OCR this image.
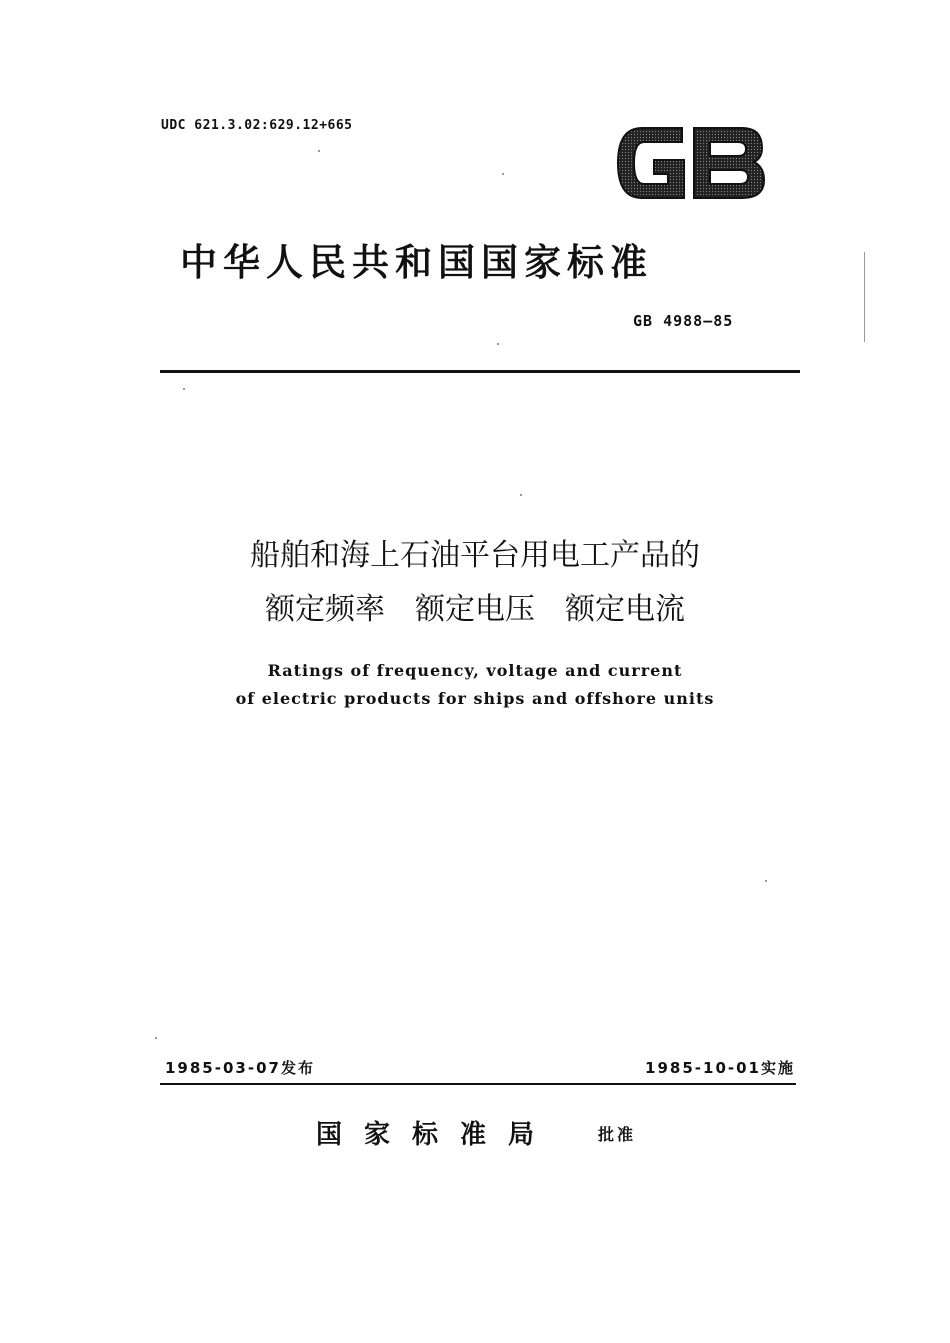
UDC 621.3.02:629.12+665
中华人民共和国国家标准
GB 4988—85
船舶和海上石油平台用电工产品的
额定频率　额定电压　额定电流
Ratings of frequency, voltage and current
of electric products for ships and offshore units
1985-03-07发布	1985-10-01实施
国家标准局	批准
